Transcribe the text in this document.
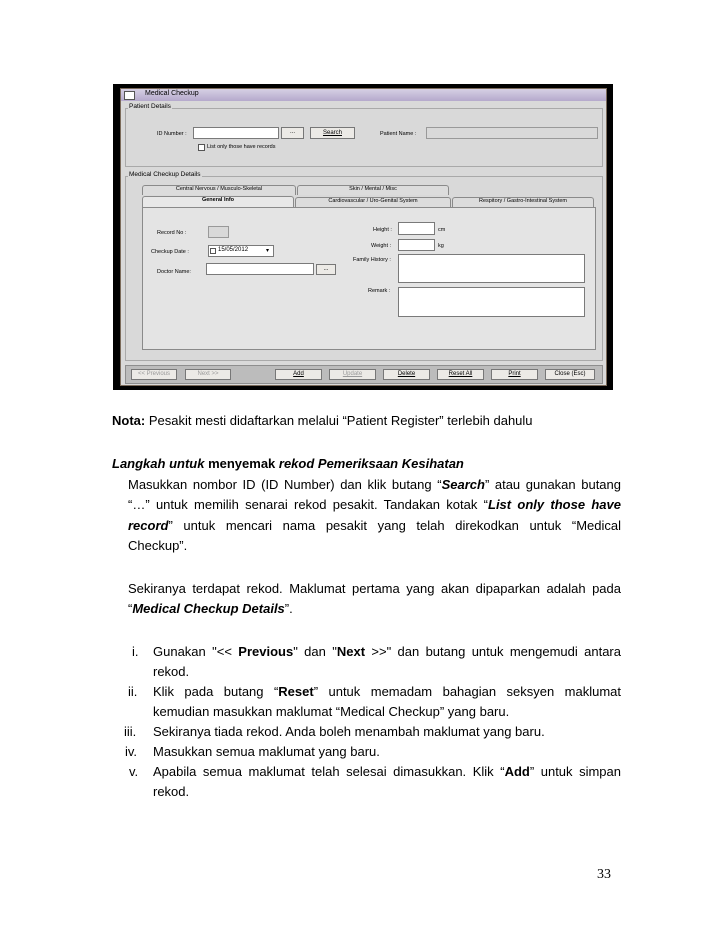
Medical Checkup
Patient Details
ID Number :	...	Search
List only those have records
Patient Name :
Medical Checkup Details
Central Nervous / Musculo-Skeletal	Skin / Mental / Misc
General Info	Cardiovascular / Uro-Genital System	Respitory / Gastro-Intestinal System
Record No :
Checkup Date :	15/05/2012	▾
Doctor Name:	...
Height :	cm
Weight :	kg
Family History :
Remark :
<< Previous	Next >>	Add	Update	Delete	Reset All	Print	Close (Esc)
Nota: Pesakit mesti didaftarkan melalui “Patient Register” terlebih dahulu
Langkah untuk menyemak rekod Pemeriksaan Kesihatan
Masukkan nombor ID (ID Number) dan klik butang “Search” atau gunakan butang
“…” untuk memilih senarai rekod pesakit. Tandakan kotak “List only those have
record” untuk mencari nama pesakit yang telah direkodkan untuk “Medical
Checkup”.
Sekiranya terdapat rekod. Maklumat pertama yang akan dipaparkan adalah pada
“Medical Checkup Details”.
i. Gunakan "<< Previous" dan "Next >>" dan butang untuk mengemudi antara
rekod.
ii. Klik pada butang “Reset” untuk memadam bahagian seksyen maklumat
kemudian masukkan maklumat “Medical Checkup” yang baru.
iii. Sekiranya tiada rekod. Anda boleh menambah maklumat yang baru.
iv. Masukkan semua maklumat yang baru.
v. Apabila semua maklumat telah selesai dimasukkan. Klik “Add” untuk simpan
rekod.
33
